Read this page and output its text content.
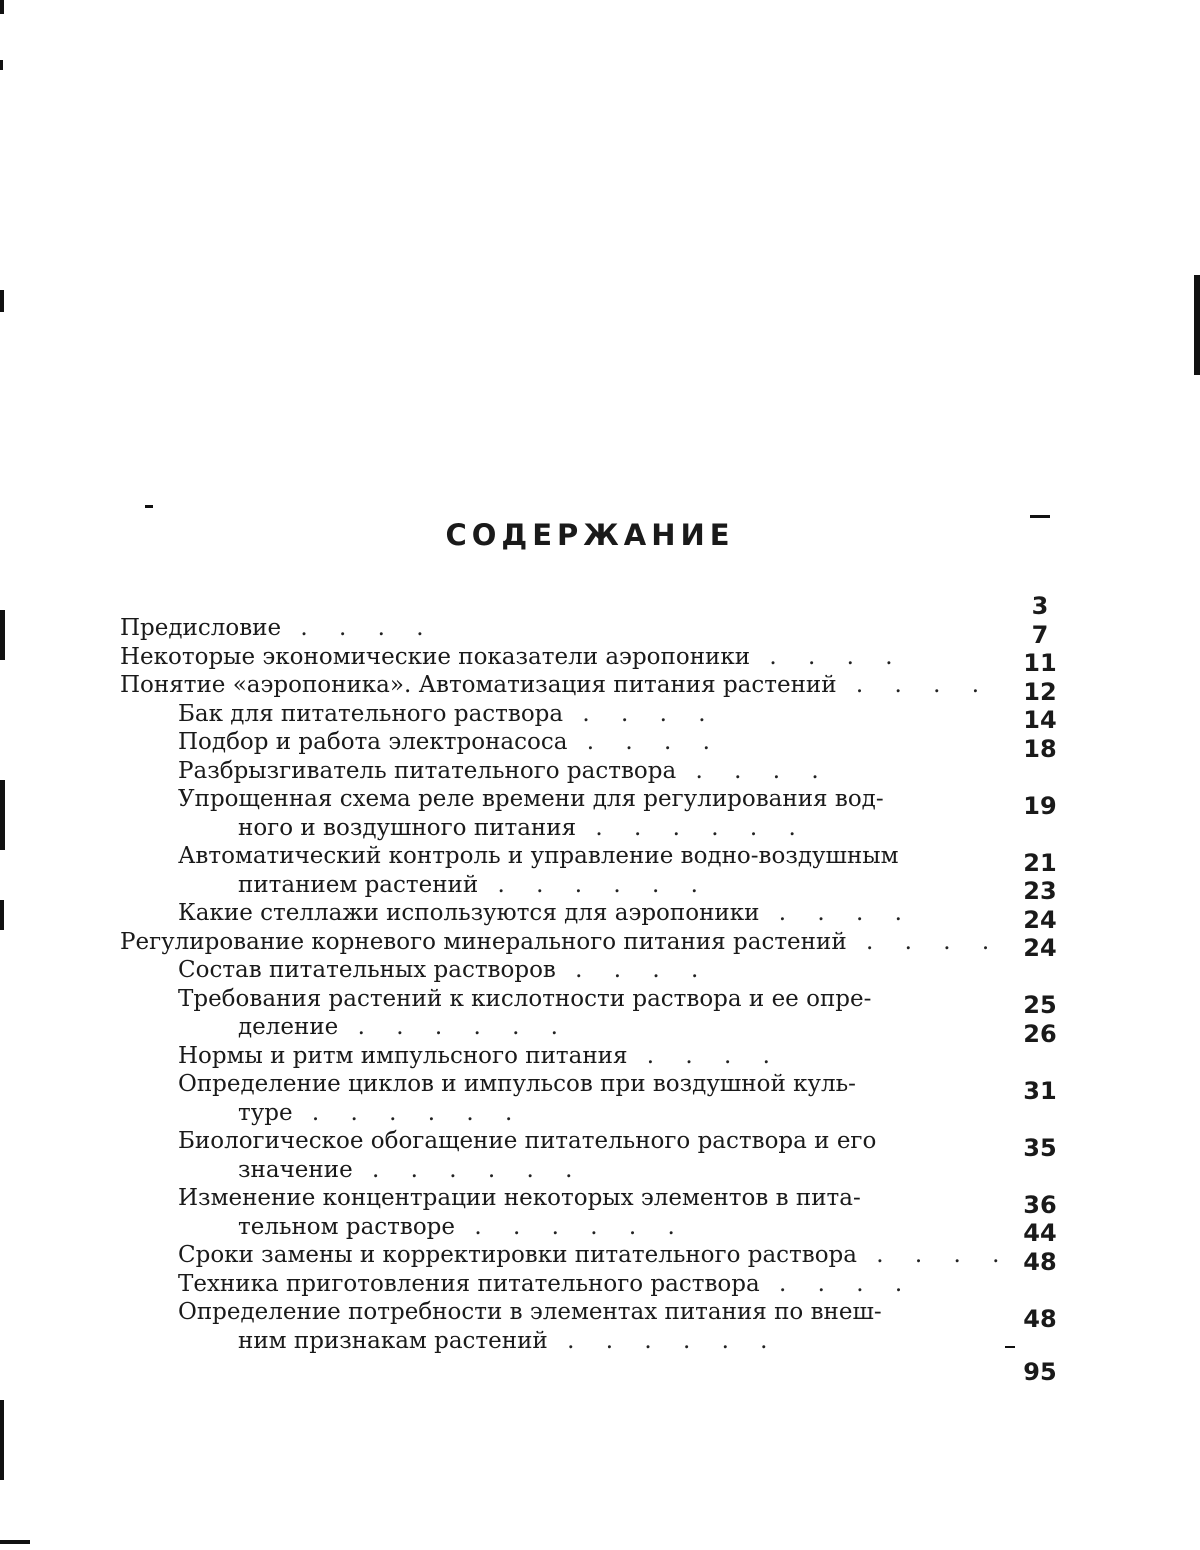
СОДЕРЖАНИЕ
Предисловие . . . .
Некоторые экономические показатели аэропоники . . . .
Понятие «аэропоника». Автоматизация питания растений . . . .
Бак для питательного раствора . . . .
Подбор и работа электронасоса . . . .
Разбрызгиватель питательного раствора . . . .
Упрощенная схема реле времени для регулирования вод-
ного и воздушного питания . . . . . .
Автоматический контроль и управление водно-воздушным
питанием растений . . . . . .
Какие стеллажи используются для аэропоники . . . .
Регулирование корневого минерального питания растений . . . .
Состав питательных растворов . . . .
Требования растений к кислотности раствора и ее опре-
деление . . . . . .
Нормы и ритм импульсного питания . . . .
Определение циклов и импульсов при воздушной куль-
туре . . . . . .
Биологическое обогащение питательного раствора и его
значение . . . . . .
Изменение концентрации некоторых элементов в пита-
тельном растворе . . . . . .
Сроки замены и корректировки питательного раствора . . . .
Техника приготовления питательного раствора . . . .
Определение потребности в элементах питания по внеш-
ним признакам растений . . . . . .
3
7
11
12
14
18
19
21
23
24
24
25
26
31
35
36
44
48
48
95
